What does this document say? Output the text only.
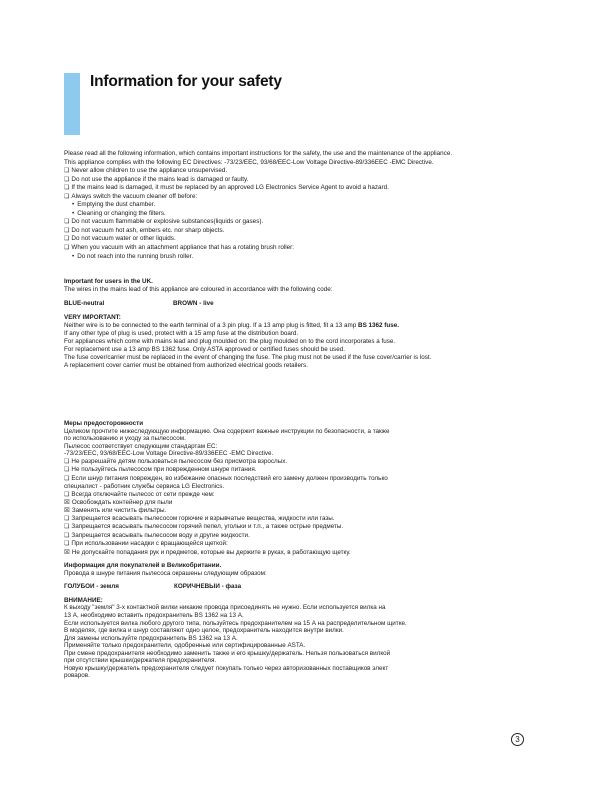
Information for your safety
Please read all the following information, which contains important instructions for the safety, the use and the maintenance of the appliance.
This appliance complies with the following EC Directives: -73/23/EEC, 93/68/EEC-Low Voltage Directive-89/336EEC -EMC Directive.
❏ Never allow children to use the appliance unsupervised.
❏ Do not use the appliance if the mains lead is damaged or faulty.
❏ If the mains lead is damaged, it must be replaced by an approved LG Electronics Service Agent to avoid a hazard.
❏ Always switch the vacuum cleaner off before:
• Emptying the dust chamber.
• Cleaning or changing the filters.
❏ Do not vacuum flammable or explosive substances(liquids or gases).
❏ Do not vacuum hot ash, embers etc. nor sharp objects.
❏ Do not vacuum water or other liquids.
❏ When you vacuum with an attachment appliance that has a rotating brush roller:
• Do not reach into the running brush roller.
Important for users in the UK.
The wires in the mains lead of this appliance are coloured in accordance with the following code:
BLUE-neutral	BROWN - live
VERY IMPORTANT:
Neither wire is to be connected to the earth terminal of a 3 pin plug. If a 13 amp plug is fitted, fit a 13 amp BS 1362 fuse.
If any other type of plug is used, protect with a 15 amp fuse at the distribution board.
For appliances which come with mains lead and plug moulded on: the plug moulded on to the cord incorporates a fuse.
For replacement use a 13 amp BS 1362 fuse. Only ASTA approved or certified fuses should be used.
The fuse cover/carrier must be replaced in the event of changing the fuse. The plug must not be used if the fuse cover/carrier is lost.
A replacement cover carrier must be obtained from authorized electrical goods retailers.
Меры предосторожности
Целиком прочтите нижеследующую информацию. Она содержит важные инструкции по безопасности, а также
по использованию и уходу за пылесосом.
Пылесос соответствует следующим стандартам ЕС:
-73/23/EEC, 93/68/EEC-Low Voltage Directive-89/336EEC -EMC Directive.
❏ Не разрешайте детям пользоваться пылесосом без присмотра взрослых.
❏ Не пользуйтесь пылесосом при поврежденном шнуре питания.
❏ Если шнур питания поврежден, во избежание опасных последствий его замену должен производить только
специалист - работник службы сервиса LG Electronics.
❏ Всегда отключайте пылесос от сети прежде чем:
☒ Освобождать контейнер для пыли
☒ Заменять или чистить фильтры.
❏ Запрещается всасывать пылесосом горючие и взрывчатые вещества, жидкости или газы.
❏ Запрещается всасывать пылесосом горячий пепел, угольки и т.п., а также острые предметы.
❏ Запрещается всасывать пылесосом воду и другие жидкости.
❏ При использовании насадки с вращающейся щеткой:
☒ Не допускайте попадания рук и предметов, которые вы держите в руках, в работающую щетку.
Информация для покупателей в Великобритании.
Провода в шнуре питания пылесоса окрашены следующим образом:
ГОЛУБОЙ - земля	КОРИЧНЕВЫЙ - фаза
ВНИМАНИЕ:
К выходу "земля" 3-х контактной вилки никакие провода присоединять не нужно. Если используется вилка на
13 А, необходимо вставить предохранитель BS 1362 на 13 А.
Если используется вилка любого другого типа, пользуйтесь предохранителем на 15 А на распределительном щитке.
В моделях, где вилка и шнур составляют одно целое, предохранитель находится внутри вилки.
Для замены используйте предохранитель BS 1362 на 13 А.
Применяйте только предохранители, одобренные или сертифицированные ASTA.
При смене предохранителя необходимо заменить также и его крышку/держатель. Нельзя пользоваться вилкой
при отсутствии крышки/держателя предохранителя.
Новую крышку/держатель предохранителя следует покупать только через авторизованных поставщиков элект
роваров.
3
